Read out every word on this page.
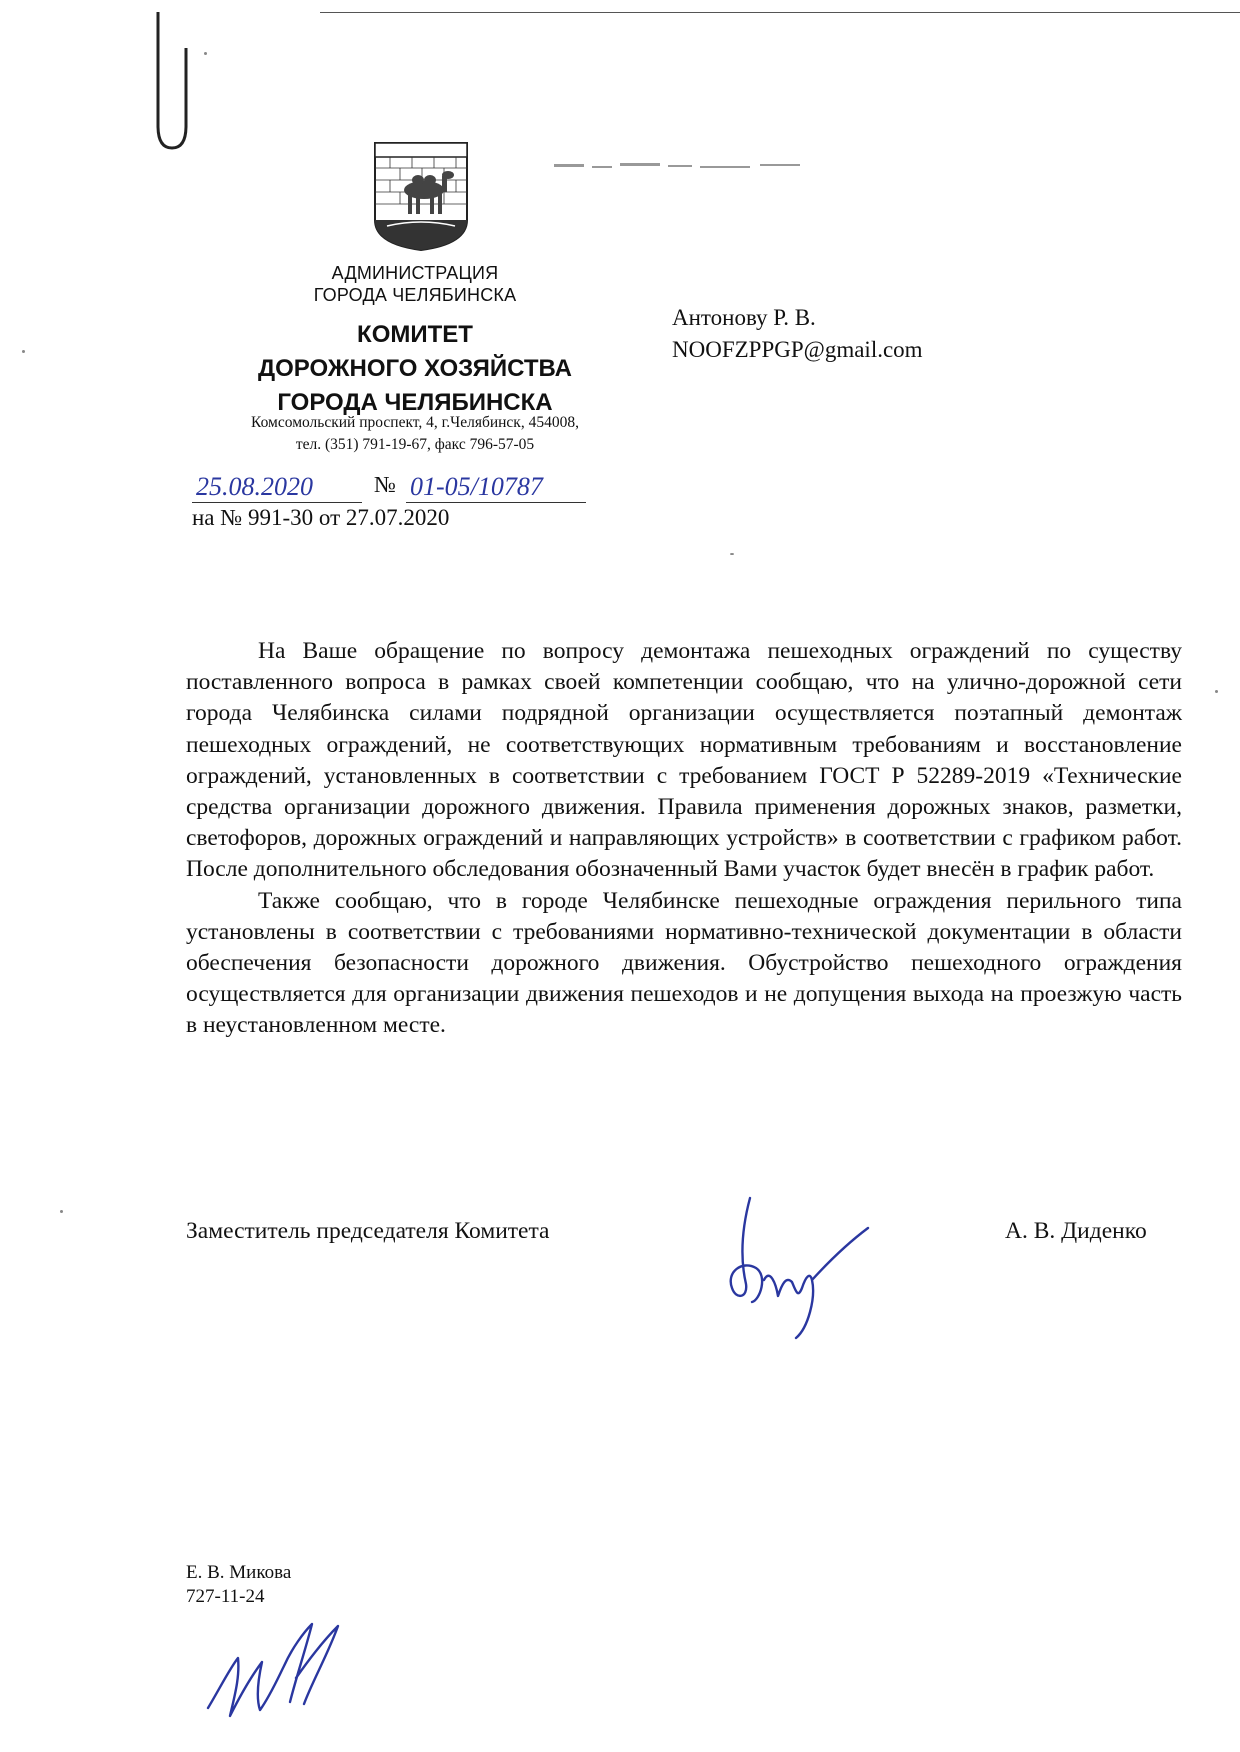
АДМИНИСТРАЦИЯ
ГОРОДА ЧЕЛЯБИНСКА
КОМИТЕТ
ДОРОЖНОГО ХОЗЯЙСТВА
ГОРОДА ЧЕЛЯБИНСКА
Комсомольский проспект, 4, г.Челябинск, 454008,
тел. (351) 791-19-67, факс 796-57-05
25.08.2020	№ 01-05/10787
на № 991-30 от 27.07.2020
Антонову Р. В.
NOOFZPPGP@gmail.com

На Ваше обращение по вопросу демонтажа пешеходных ограждений по существу поставленного вопроса в рамках своей компетенции сообщаю, что на улично-дорожной сети города Челябинска силами подрядной организации осуществляется поэтапный демонтаж пешеходных ограждений, не соответствующих нормативным требованиям и восстановление ограждений, установленных в соответствии с требованием ГОСТ Р 52289-2019 «Технические средства организации дорожного движения. Правила применения дорожных знаков, разметки, светофоров, дорожных ограждений и направляющих устройств» в соответствии с графиком работ. После дополнительного обследования обозначенный Вами участок будет внесён в график работ.

Также сообщаю, что в городе Челябинске пешеходные ограждения перильного типа установлены в соответствии с требованиями нормативно-технической документации в области обеспечения безопасности дорожного движения. Обустройство пешеходного ограждения осуществляется для организации движения пешеходов и не допущения выхода на проезжую часть в неустановленном месте.

Заместитель председателя Комитета	А. В. Диденко
Е. В. Микова
727-11-24
